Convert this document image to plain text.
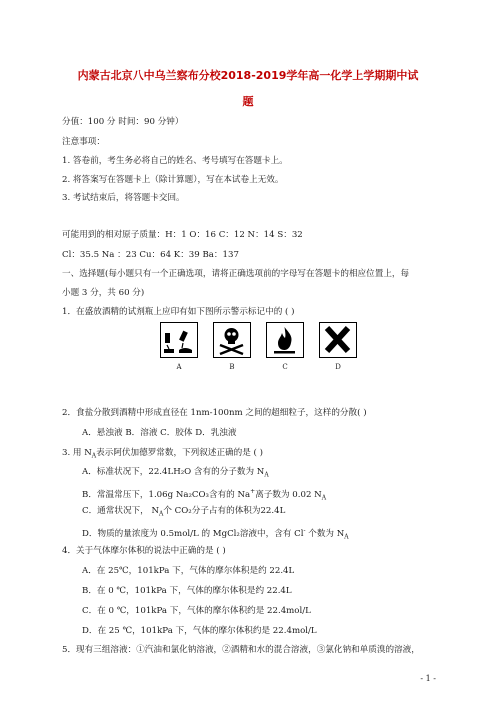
内蒙古北京八中乌兰察布分校2018-2019学年高一化学上学期期中试
题
分值：100 分 时间：90 分钟）
注意事项：
1. 答卷前，考生务必将自己的姓名、考号填写在答题卡上。
2. 将答案写在答题卡上（除计算题），写在本试卷上无效。
3. 考试结束后，将答题卡交回。
可能用到的相对原子质量：H：1 O：16 C：12 N：14 S：32
Cl：35.5 Na ：23 Cu：64 K：39 Ba：137
一、选择题(每小题只有一个正确选项，请将正确选项前的字母写在答题卡的相应位置上，每
小题 3 分，共 60 分)
1．在盛放酒精的试剂瓶上应印有如下图所示警示标记中的 ( )
A	B	C	D
2．食盐分散到酒精中形成直径在 1nm-100nm 之间的超细粒子，这样的分散( )
A．悬浊液 B．溶液 C．胶体 D．乳浊液
3. 用 $N_A$表示阿伏加德罗常数，下列叙述正确的是 ( )
A．标准状况下，22.4LH₂O 含有的分子数为 $N_A$
B．常温常压下，1.06g Na₂CO₃含有的 Na+离子数为 0.02 $N_A$
C．通常状况下， $N_A$个 CO₂分子占有的体积为22.4L
D．物质的量浓度为 0.5mol/L 的 MgCl₂溶液中，含有 Cl- 个数为 $N_A$
4．关于气体摩尔体积的说法中正确的是 ( )
A．在 25℃，101kPa 下，气体的摩尔体积是约 22.4L
B．在 0 ℃，101kPa 下，气体的摩尔体积是约 22.4L
C．在 0 ℃，101kPa 下，气体的摩尔体积约是 22.4mol/L
D．在 25 ℃，101kPa 下，气体的摩尔体积约是 22.4mol/L
5．现有三组溶液：①汽油和氯化钠溶液，②酒精和水的混合溶液，③氯化钠和单质溴的溶液，
- 1 -
